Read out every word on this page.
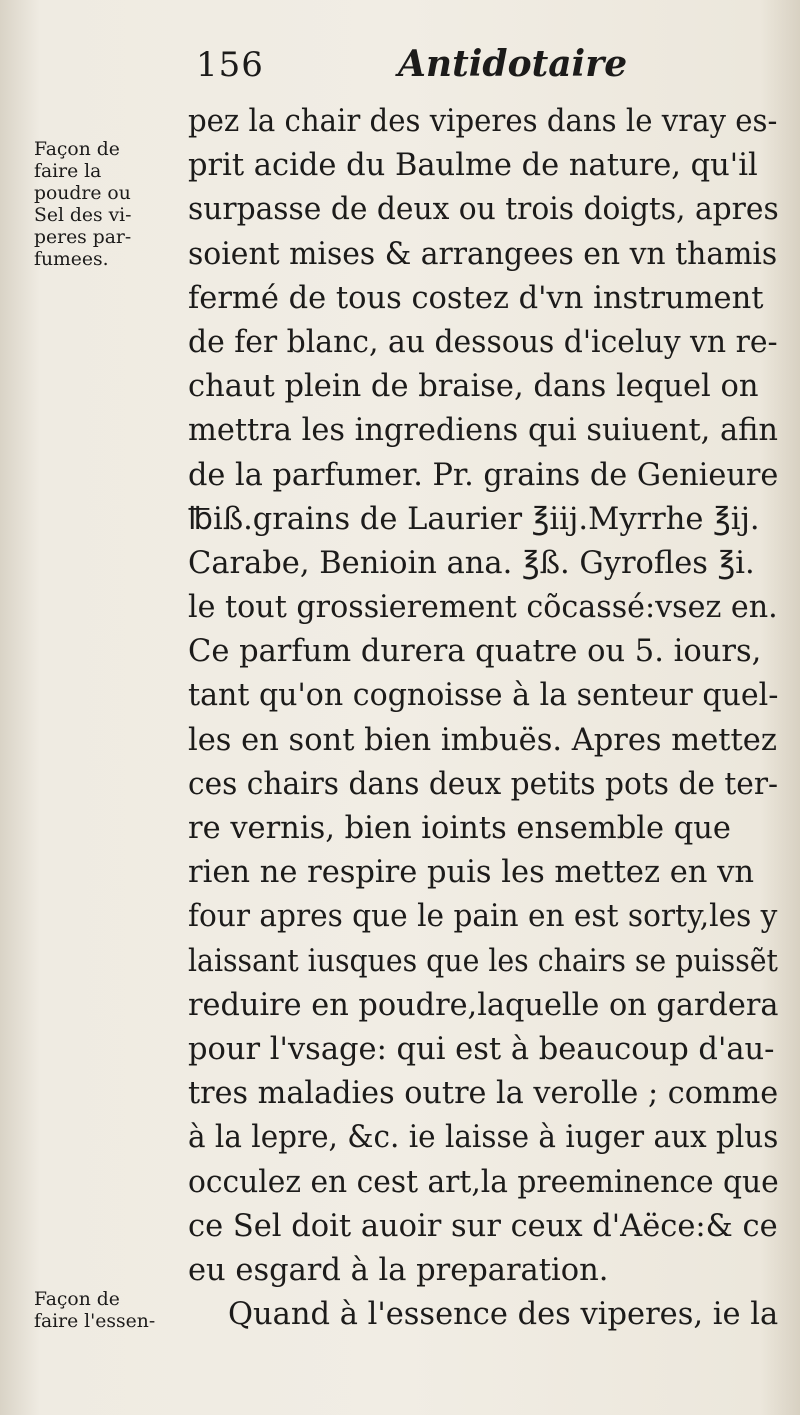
156	Antidotaire
Façon de
faire la
poudre ou
Sel des vi-
peres par-
fumees.
Façon de
faire l'essen-
pez la chair des viperes dans le vray es-
prit acide du Baulme de nature, qu'il
surpasse de deux ou trois doigts, apres
soient mises & arrangees en vn thamis
fermé de tous costez d'vn instrument
de fer blanc, au dessous d'iceluy vn re-
chaut plein de braise, dans lequel on
mettra les ingrediens qui suiuent, afin
de la parfumer. Pr. grains de Genieure
℔iß.grains de Laurier ℥iij.Myrrhe ℥ij.
Carabe, Benioin ana. ℥ß. Gyrofles ℥i.
le tout grossierement cõcassé:vsez en.
Ce parfum durera quatre ou 5. iours,
tant qu'on cognoisse à la senteur quel-
les en sont bien imbuës. Apres mettez
ces chairs dans deux petits pots de ter-
re vernis, bien ioints ensemble que
rien ne respire puis les mettez en vn
four apres que le pain en est sorty,les y
laissant iusques que les chairs se puissẽt
reduire en poudre,laquelle on gardera
pour l'vsage: qui est à beaucoup d'au-
tres maladies outre la verolle ; comme
à la lepre, &c. ie laisse à iuger aux plus
occulez en cest art,la preeminence que
ce Sel doit auoir sur ceux d'Aëce:& ce
eu esgard à la preparation.
Quand à l'essence des viperes, ie la
